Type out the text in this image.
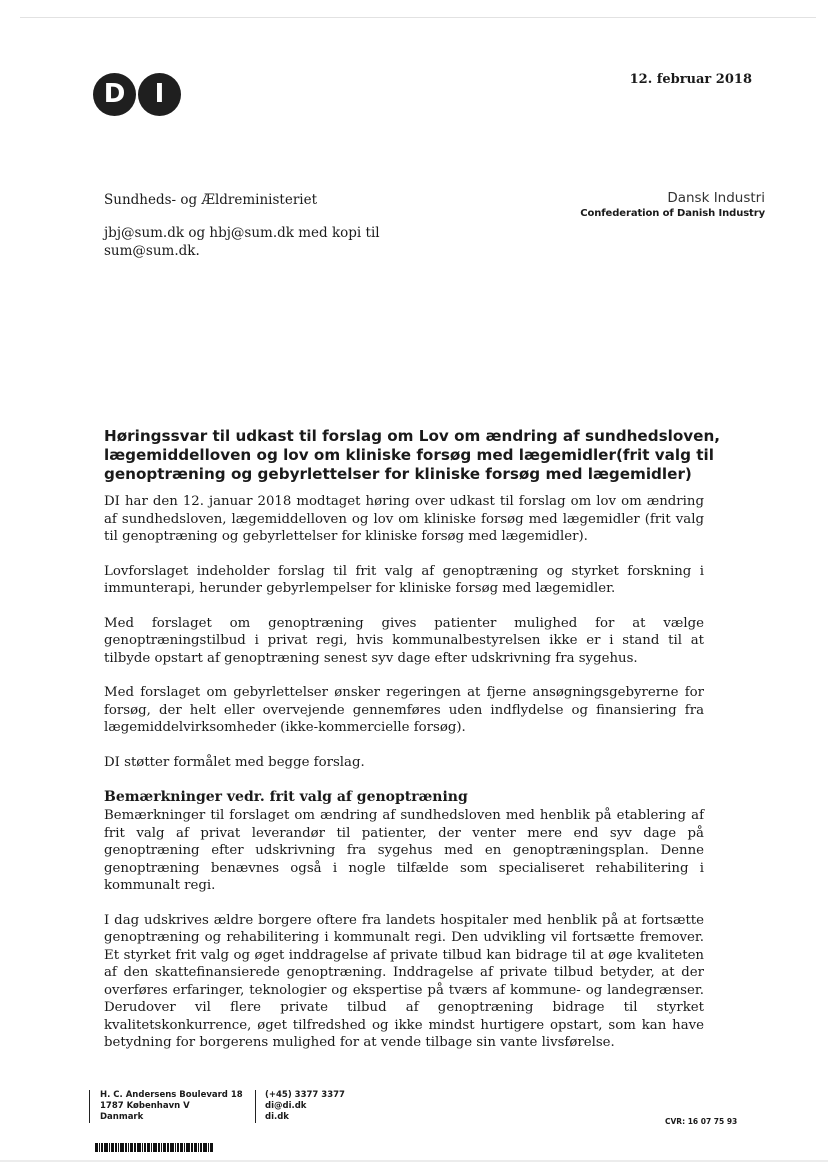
D	I	12. februar 2018
Sundheds- og Ældreministeriet
jbj@sum.dk og hbj@sum.dk med kopi til sum@sum.dk.
Dansk Industri
Confederation of Danish Industry
Høringssvar til udkast til forslag om Lov om ændring af sundhedsloven, lægemiddelloven og lov om kliniske forsøg med lægemidler(frit valg til genoptræning og gebyrlettelser for kliniske forsøg med lægemidler)

DI har den 12. januar 2018 modtaget høring over udkast til forslag om lov om ændring af sundhedsloven, lægemiddelloven og lov om kliniske forsøg med lægemidler (frit valg til genoptræning og gebyrlettelser for kliniske forsøg med lægemidler).

Lovforslaget indeholder forslag til frit valg af genoptræning og styrket forskning i immunterapi, herunder gebyrlempelser for kliniske forsøg med lægemidler.

Med forslaget om genoptræning gives patienter mulighed for at vælge genoptræningstilbud i privat regi, hvis kommunalbestyrelsen ikke er i stand til at tilbyde opstart af genoptræning senest syv dage efter udskrivning fra sygehus.

Med forslaget om gebyrlettelser ønsker regeringen at fjerne ansøgningsgebyrerne for forsøg, der helt eller overvejende gennemføres uden indflydelse og finansiering fra lægemiddelvirksomheder (ikke-kommercielle forsøg).

DI støtter formålet med begge forslag.

Bemærkninger vedr. frit valg af genoptræning

Bemærkninger til forslaget om ændring af sundhedsloven med henblik på etablering af frit valg af privat leverandør til patienter, der venter mere end syv dage på genoptræning efter udskrivning fra sygehus med en genoptræningsplan. Denne genoptræning benævnes også i nogle tilfælde som specialiseret rehabilitering i kommunalt regi.

I dag udskrives ældre borgere oftere fra landets hospitaler med henblik på at fortsætte genoptræning og rehabilitering i kommunalt regi. Den udvikling vil fortsætte fremover. Et styrket frit valg og øget inddragelse af private tilbud kan bidrage til at øge kvaliteten af den skattefinansierede genoptræning. Inddragelse af private tilbud betyder, at der overføres erfaringer, teknologier og ekspertise på tværs af kommune- og landegrænser. Derudover vil flere private tilbud af genoptræning bidrage til styrket kvalitetskonkurrence, øget tilfredshed og ikke mindst hurtigere opstart, som kan have betydning for borgerens mulighed for at vende tilbage sin vante livsførelse.

H. C. Andersens Boulevard 18
1787 København V
Danmark
(+45) 3377 3377
di@di.dk
di.dk	CVR: 16 07 75 93
